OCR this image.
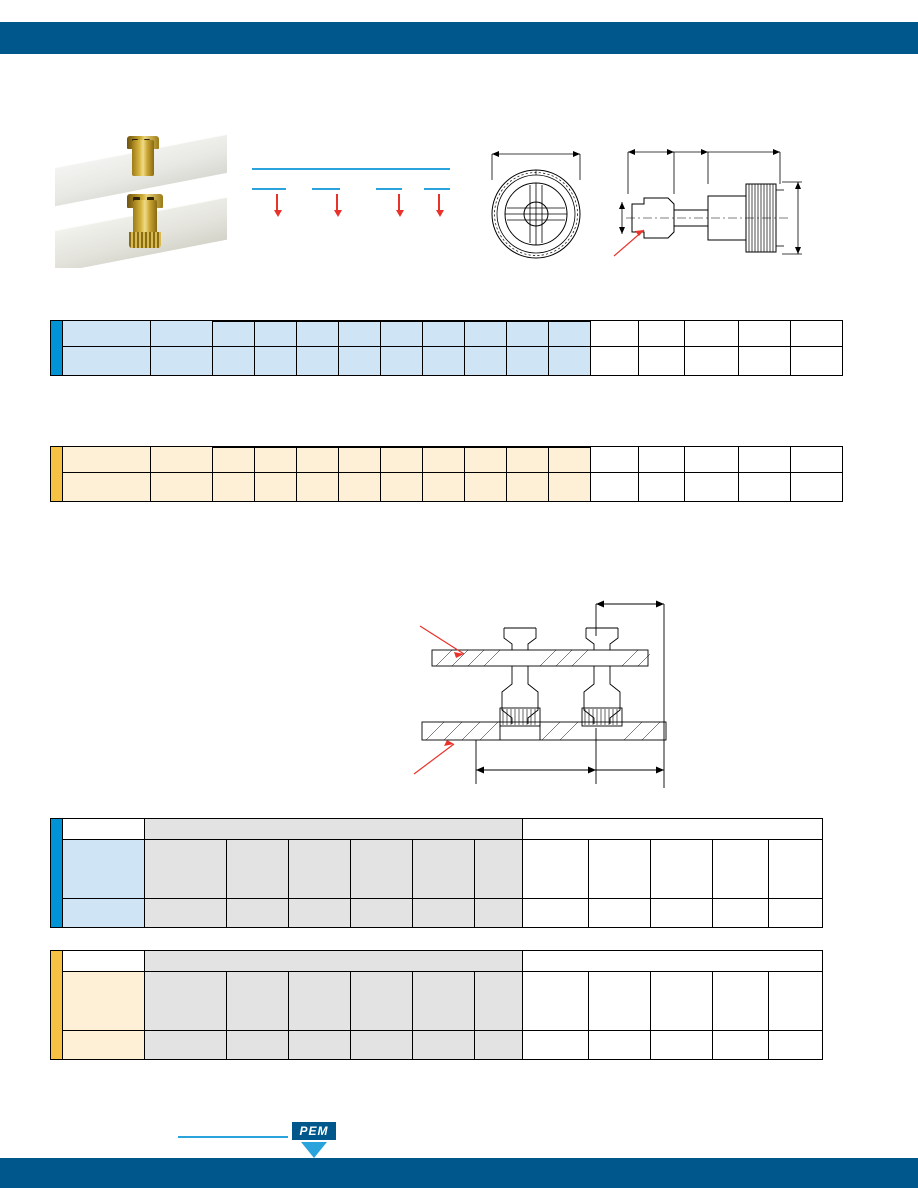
PEM
